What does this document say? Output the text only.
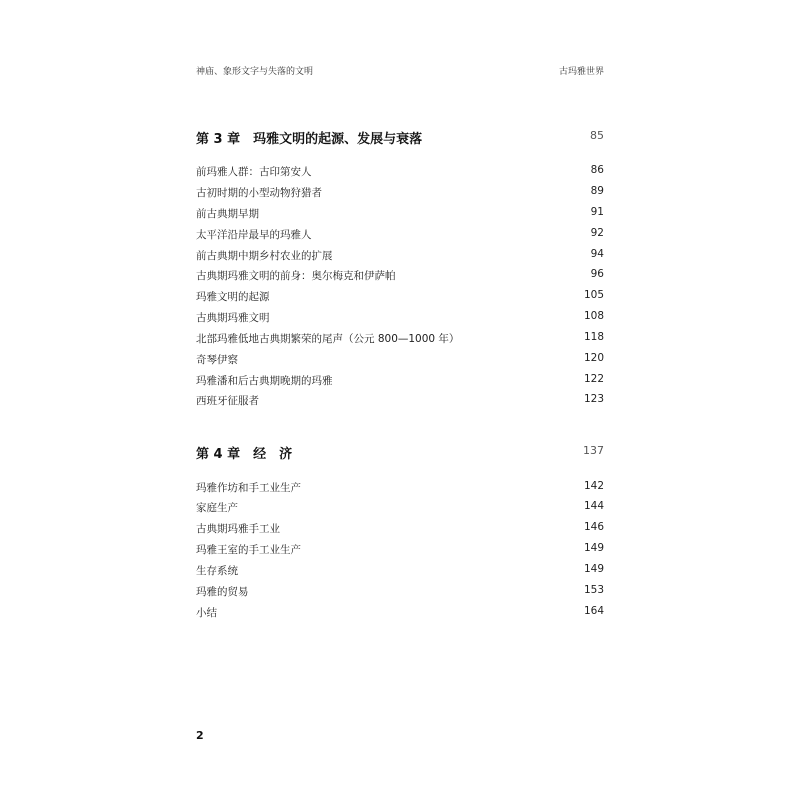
神庙、象形文字与失落的文明	古玛雅世界
第 3 章　玛雅文明的起源、发展与衰落	85
前玛雅人群：古印第安人	86
古初时期的小型动物狩猎者	89
前古典期早期	91
太平洋沿岸最早的玛雅人	92
前古典期中期乡村农业的扩展	94
古典期玛雅文明的前身：奥尔梅克和伊萨帕	96
玛雅文明的起源	105
古典期玛雅文明	108
北部玛雅低地古典期繁荣的尾声（公元 800—1000 年）	118
奇琴伊察	120
玛雅潘和后古典期晚期的玛雅	122
西班牙征服者	123
第 4 章　经　济	137
玛雅作坊和手工业生产	142
家庭生产	144
古典期玛雅手工业	146
玛雅王室的手工业生产	149
生存系统	149
玛雅的贸易	153
小结	164
2
